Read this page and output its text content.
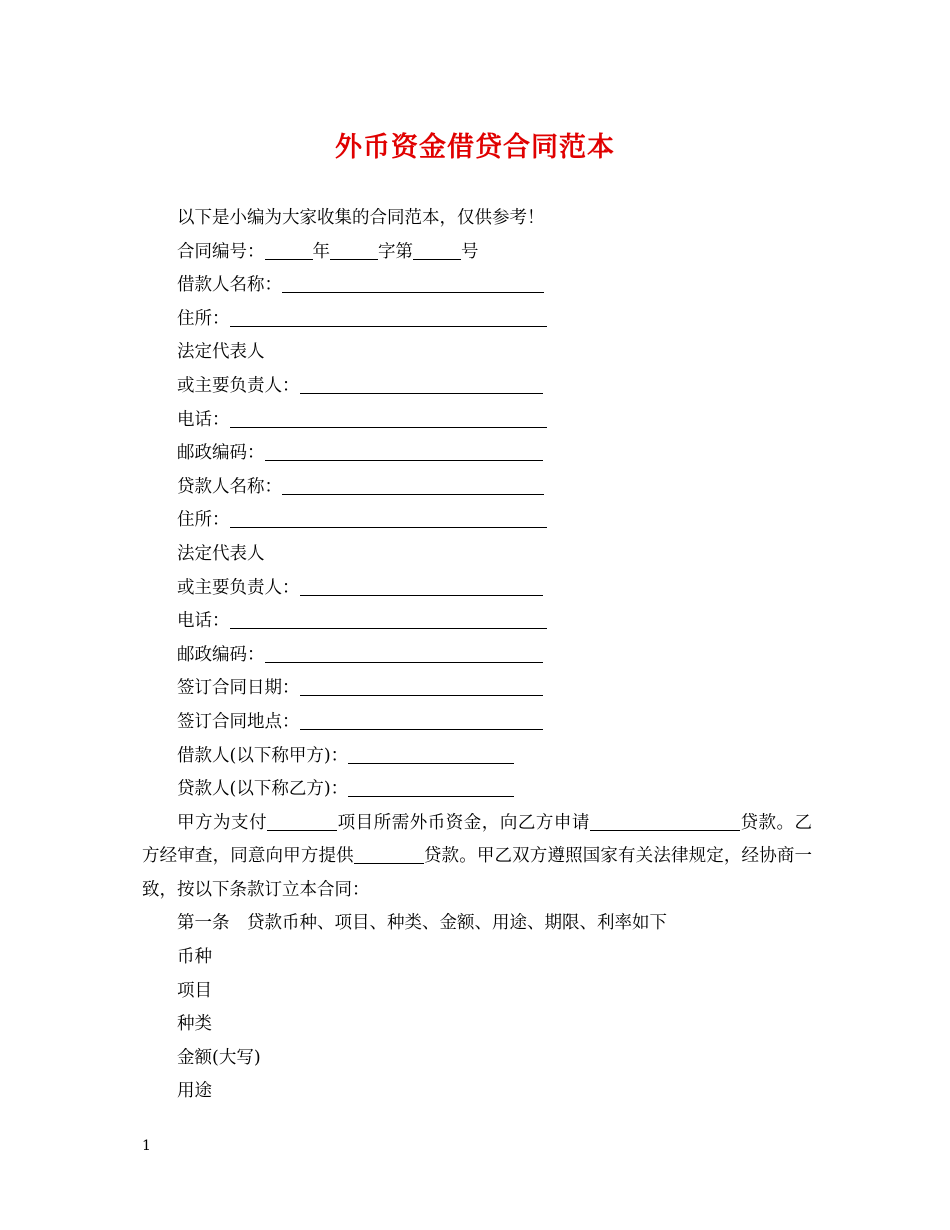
外币资金借贷合同范本
以下是小编为大家收集的合同范本，仅供参考！
合同编号：	年	字第	号
借款人名称：
住所：
法定代表人
或主要负责人：
电话：
邮政编码：
贷款人名称：
住所：
法定代表人
或主要负责人：
电话：
邮政编码：
签订合同日期：
签订合同地点：
借款人(以下称甲方)：
贷款人(以下称乙方)：
甲方为支付	项目所需外币资金，向乙方申请	贷款。乙方经审查，同意向甲方提供	贷款。甲乙双方遵照国家有关法律规定，经协商一致，按以下条款订立本合同：
第一条　贷款币种、项目、种类、金额、用途、期限、利率如下
币种
项目
种类
金额(大写)
用途
1
